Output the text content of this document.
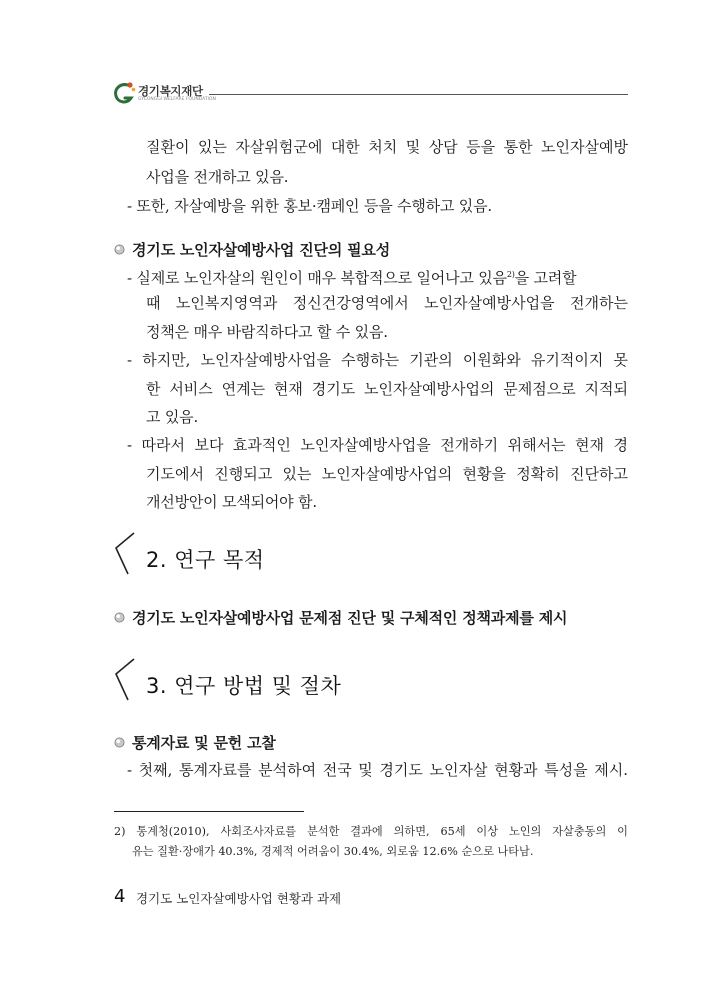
경기복지재단
GYEONGGI WELFARE FOUNDATION
질환이 있는 자살위험군에 대한 처치 및 상담 등을 통한 노인자살예방
사업을 전개하고 있음.
- 또한, 자살예방을 위한 홍보·캠페인 등을 수행하고 있음.
경기도 노인자살예방사업 진단의 필요성
- 실제로 노인자살의 원인이 매우 복합적으로 일어나고 있음$^{2)}$을 고려할
때 노인복지영역과 정신건강영역에서 노인자살예방사업을 전개하는
정책은 매우 바람직하다고 할 수 있음.
- 하지만, 노인자살예방사업을 수행하는 기관의 이원화와 유기적이지 못
한 서비스 연계는 현재 경기도 노인자살예방사업의 문제점으로 지적되
고 있음.
- 따라서 보다 효과적인 노인자살예방사업을 전개하기 위해서는 현재 경
기도에서 진행되고 있는 노인자살예방사업의 현황을 정확히 진단하고
개선방안이 모색되어야 함.
2. 연구 목적
경기도 노인자살예방사업 문제점 진단 및 구체적인 정책과제를 제시
3. 연구 방법 및 절차
통계자료 및 문헌 고찰
- 첫째, 통계자료를 분석하여 전국 및 경기도 노인자살 현황과 특성을 제시.
2) 통계청(2010), 사회조사자료를 분석한 결과에 의하면, 65세 이상 노인의 자살충동의 이
유는 질환·장애가 40.3%, 경제적 어려움이 30.4%, 외로움 12.6% 순으로 나타남.
4 경기도 노인자살예방사업 현황과 과제
